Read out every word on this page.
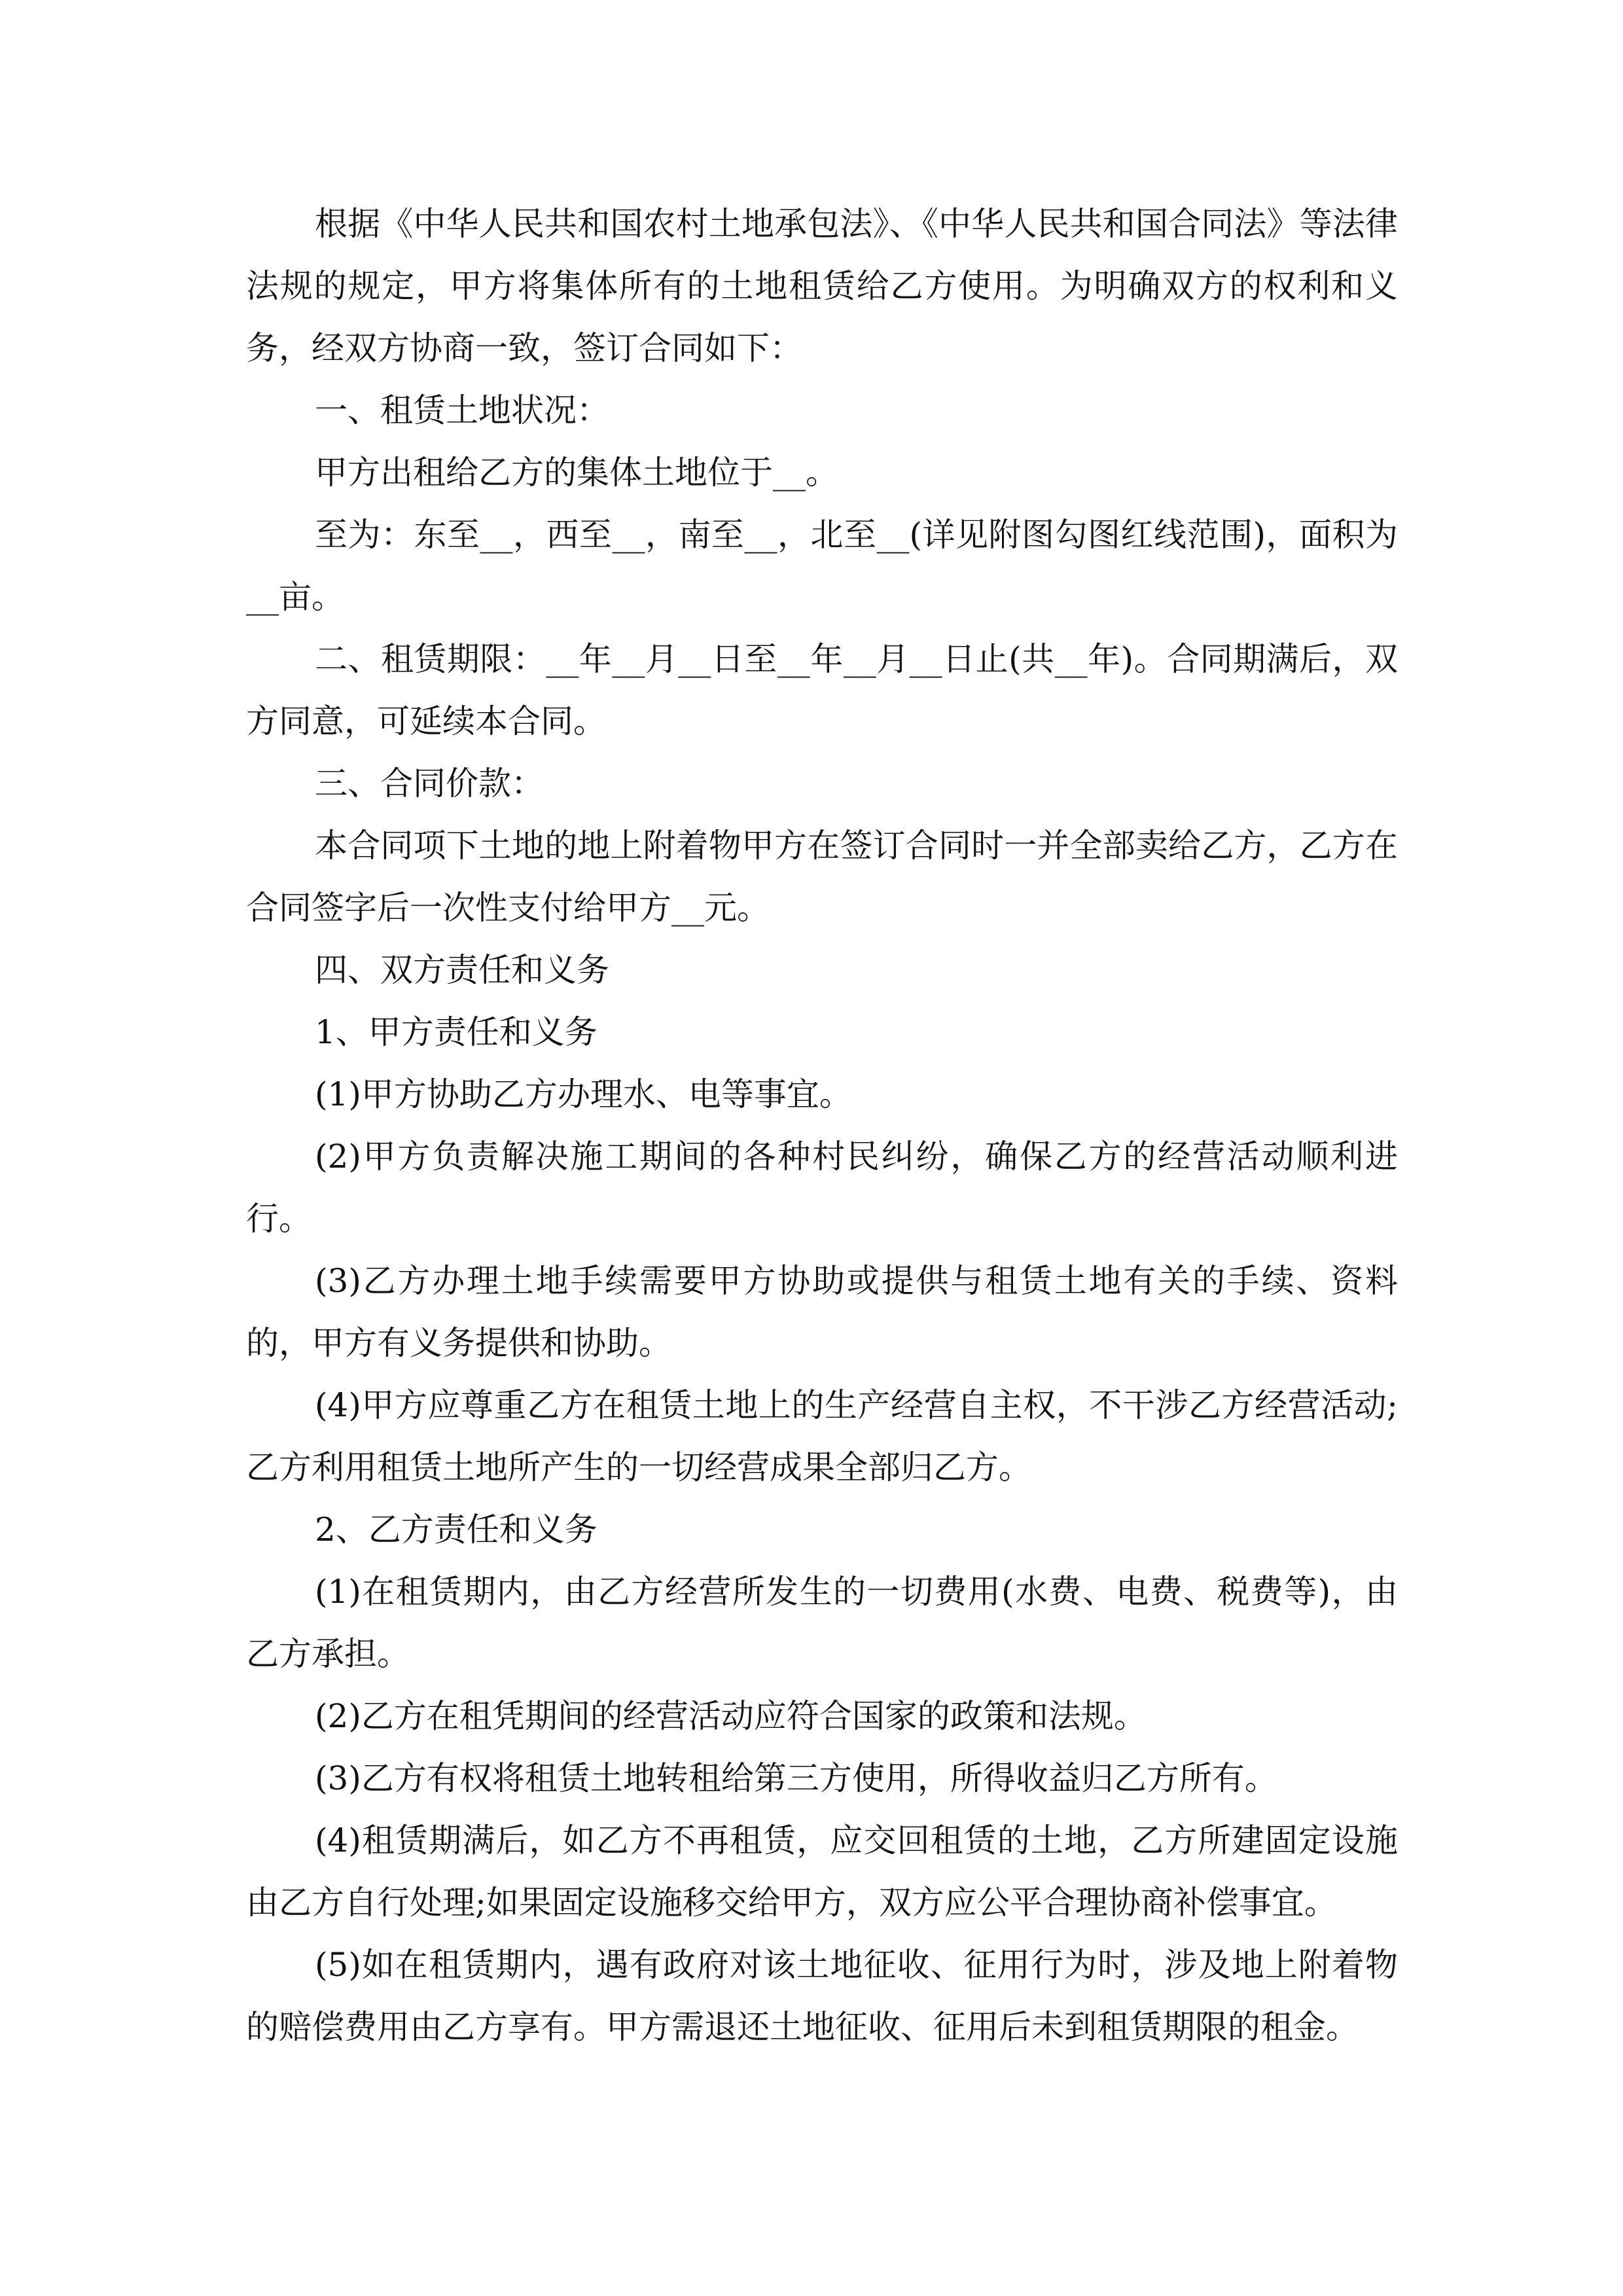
根据《中华人民共和国农村土地承包法》、《中华人民共和国合同法》等法律法规的规定，甲方将集体所有的土地租赁给乙方使用。为明确双方的权利和义务，经双方协商一致，签订合同如下：

一、租赁土地状况：

甲方出租给乙方的集体土地位于__。

至为：东至__，西至__，南至__，北至__(详见附图勾图红线范围)，面积为__亩。

二、租赁期限：__年__月__日至__年__月__日止(共__年)。合同期满后，双方同意，可延续本合同。

三、合同价款：

本合同项下土地的地上附着物甲方在签订合同时一并全部卖给乙方，乙方在合同签字后一次性支付给甲方__元。

四、双方责任和义务

1、甲方责任和义务

(1)甲方协助乙方办理水、电等事宜。

(2)甲方负责解决施工期间的各种村民纠纷，确保乙方的经营活动顺利进行。

(3)乙方办理土地手续需要甲方协助或提供与租赁土地有关的手续、资料的，甲方有义务提供和协助。

(4)甲方应尊重乙方在租赁土地上的生产经营自主权，不干涉乙方经营活动;乙方利用租赁土地所产生的一切经营成果全部归乙方。

2、乙方责任和义务

(1)在租赁期内，由乙方经营所发生的一切费用(水费、电费、税费等)，由乙方承担。

(2)乙方在租凭期间的经营活动应符合国家的政策和法规。

(3)乙方有权将租赁土地转租给第三方使用，所得收益归乙方所有。

(4)租赁期满后，如乙方不再租赁，应交回租赁的土地，乙方所建固定设施由乙方自行处理;如果固定设施移交给甲方，双方应公平合理协商补偿事宜。

(5)如在租赁期内，遇有政府对该土地征收、征用行为时，涉及地上附着物的赔偿费用由乙方享有。甲方需退还土地征收、征用后未到租赁期限的租金。
